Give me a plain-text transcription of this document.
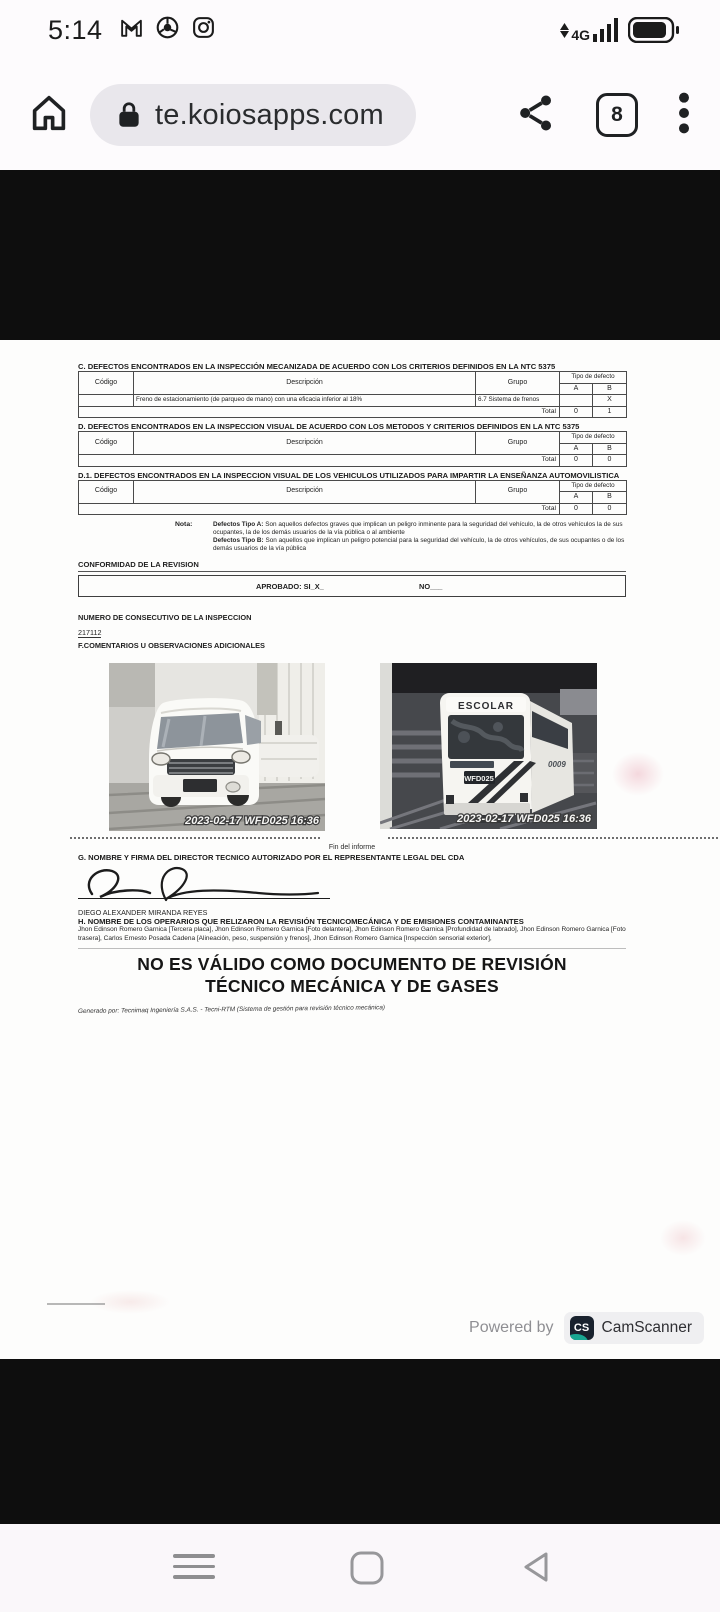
5:14	4G
te.koiosapps.com	8
C. DEFECTOS ENCONTRADOS EN LA INSPECCIÓN MECANIZADA DE ACUERDO CON LOS CRITERIOS DEFINIDOS EN LA NTC 5375
Código	Descripción	Grupo	Tipo de defecto	
			A	B
	Freno de estacionamiento (de parqueo de mano) con una eficacia inferior al 18%	6.7 Sistema de frenos		X
Total			0	1
D. DEFECTOS ENCONTRADOS EN LA INSPECCION VISUAL DE ACUERDO CON LOS METODOS Y CRITERIOS DEFINIDOS EN LA NTC 5375
Código	Descripción	Grupo	Tipo de defecto	
			A	B
Total			0	0
D.1. DEFECTOS ENCONTRADOS EN LA INSPECCION VISUAL DE LOS VEHICULOS UTILIZADOS PARA IMPARTIR LA ENSEÑANZA AUTOMOVILISTICA
Código	Descripción	Grupo	Tipo de defecto	
			A	B
Total			0	0
Nota:	Defectos Tipo A: Son aquellos defectos graves que implican un peligro inminente para la seguridad del vehículo, la de otros vehículos la de sus ocupantes, la de los demás usuarios de la vía pública o al ambiente
Defectos Tipo B: Son aquellos que implican un peligro potencial para la seguridad del vehículo, la de otros vehículos, de sus ocupantes o de los demás usuarios de la vía pública
CONFORMIDAD DE LA REVISION
APROBADO: SI_X_	NO___
NUMERO DE CONSECUTIVO DE LA INSPECCION
217112
F.COMENTARIOS U OBSERVACIONES ADICIONALES
2023-02-17 WFD025 16:36
ESCOLAR
WFD025
0009
2023-02-17 WFD025 16:36
Fin del informe
G. NOMBRE Y FIRMA DEL DIRECTOR TECNICO AUTORIZADO POR EL REPRESENTANTE LEGAL DEL CDA
DIEGO ALEXANDER MIRANDA REYES
H. NOMBRE DE LOS OPERARIOS QUE RELIZARON LA REVISIÓN TECNICOMECÁNICA Y DE EMISIONES CONTAMINANTES
Jhon Edinson Romero Garnica [Tercera placa], Jhon Edinson Romero Garnica [Foto delantera], Jhon Edinson Romero Garnica [Profundidad de labrado], Jhon Edinson Romero Garnica [Foto trasera], Carlos Ernesto Posada Cadena [Alineación, peso, suspensión y frenos], Jhon Edinson Romero Garnica [Inspección sensorial exterior],
NO ES VÁLIDO COMO DOCUMENTO DE REVISIÓN TÉCNICO MECÁNICA Y DE GASES
Generado por: Tecnimaq Ingeniería S.A.S. - Tecni-RTM (Sistema de gestión para revisión técnico mecánica)
Powered by CS CamScanner
